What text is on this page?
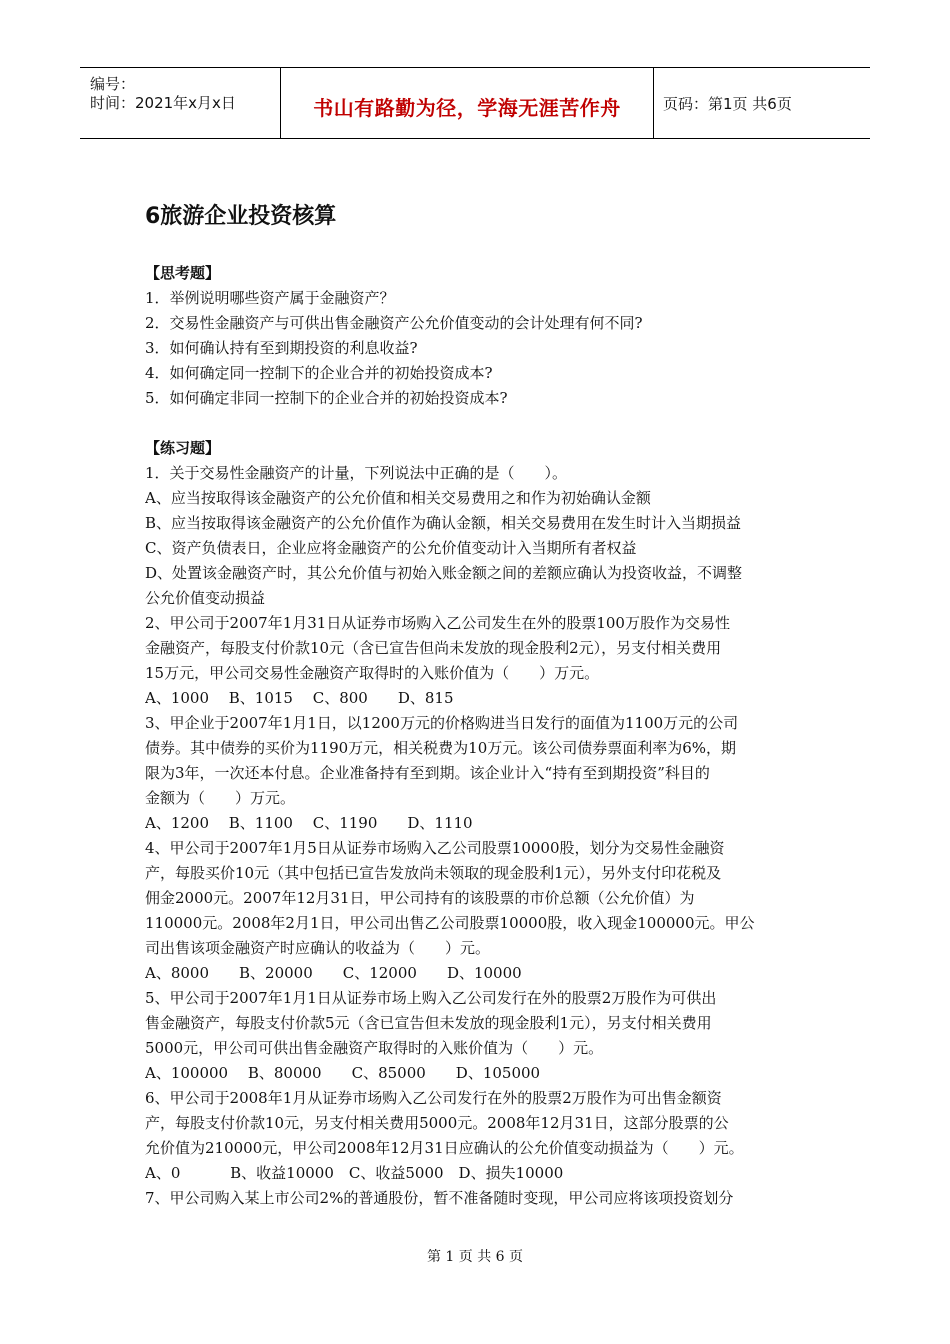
编号：
时间：2021年x月x日	书山有路勤为径，学海无涯苦作舟	页码：第1页 共6页
6旅游企业投资核算
【思考题】
1．举例说明哪些资产属于金融资产？
2．交易性金融资产与可供出售金融资产公允价值变动的会计处理有何不同?
3．如何确认持有至到期投资的利息收益?
4．如何确定同一控制下的企业合并的初始投资成本?
5．如何确定非同一控制下的企业合并的初始投资成本?
【练习题】
1．关于交易性金融资产的计量，下列说法中正确的是（　　）。
A、应当按取得该金融资产的公允价值和相关交易费用之和作为初始确认金额
B、应当按取得该金融资产的公允价值作为确认金额，相关交易费用在发生时计入当期损益
C、资产负债表日，企业应将金融资产的公允价值变动计入当期所有者权益
D、处置该金融资产时，其公允价值与初始入账金额之间的差额应确认为投资收益，不调整
公允价值变动损益
2、甲公司于2007年1月31日从证券市场购入乙公司发生在外的股票100万股作为交易性
金融资产，每股支付价款10元（含已宣告但尚未发放的现金股利2元），另支付相关费用
15万元，甲公司交易性金融资产取得时的入账价值为（　　）万元。
A、1000　 B、1015　 C、800　　D、815
3、甲企业于2007年1月1日，以1200万元的价格购进当日发行的面值为1100万元的公司
债券。其中债券的买价为1190万元，相关税费为10万元。该公司债券票面利率为6%，期
限为3年，一次还本付息。企业准备持有至到期。该企业计入“持有至到期投资”科目的
金额为（　　）万元。
A、1200　 B、1100　 C、1190　　D、1110
4、甲公司于2007年1月5日从证券市场购入乙公司股票10000股，划分为交易性金融资
产，每股买价10元（其中包括已宣告发放尚未领取的现金股利1元），另外支付印花税及
佣金2000元。2007年12月31日，甲公司持有的该股票的市价总额（公允价值）为
110000元。2008年2月1日，甲公司出售乙公司股票10000股，收入现金100000元。甲公
司出售该项金融资产时应确认的收益为（　　）元。
A、8000　　B、20000　　C、12000　　D、10000
5、甲公司于2007年1月1日从证券市场上购入乙公司发行在外的股票2万股作为可供出
售金融资产，每股支付价款5元（含已宣告但未发放的现金股利1元），另支付相关费用
5000元，甲公司可供出售金融资产取得时的入账价值为（　　）元。
A、100000　 B、80000　　C、85000　　D、105000
6、甲公司于2008年1月从证券市场购入乙公司发行在外的股票2万股作为可出售金额资
产，每股支付价款10元，另支付相关费用5000元。2008年12月31日，这部分股票的公
允价值为210000元，甲公司2008年12月31日应确认的公允价值变动损益为（　　）元。
A、0　　　 B、收益10000　C、收益5000　D、损失10000
7、甲公司购入某上市公司2%的普通股份，暂不准备随时变现，甲公司应将该项投资划分
第 1 页 共 6 页
